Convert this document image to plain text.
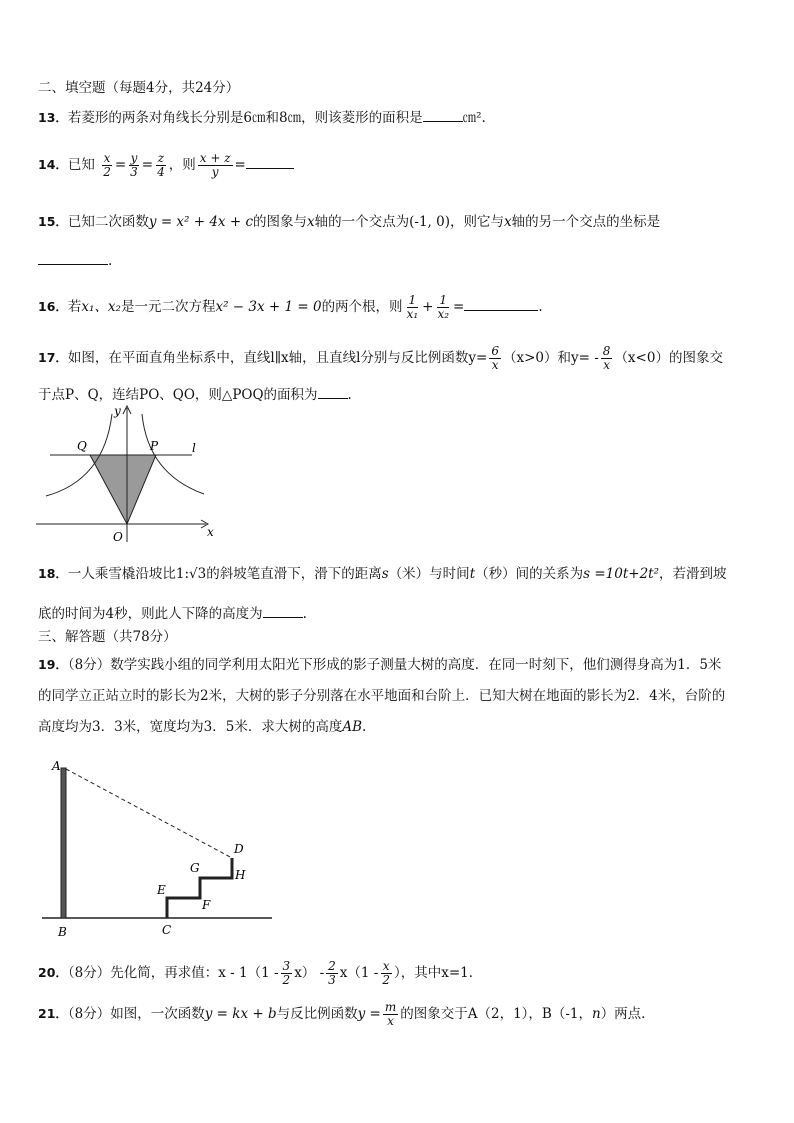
二、填空题（每题4分，共24分）
13．若菱形的两条对角线长分别是6㎝和8㎝，则该菱形的面积是	㎝².
14．已知 $\frac{x}{2} = \frac{y}{3} = \frac{z}{4}$ ，则 $\frac{x + z}{y}$ =
15．已知二次函数y = x² + 4x + c的图象与x轴的一个交点为(-1, 0)，则它与x轴的另一个交点的坐标是
.
16．若x₁、x₂是一元二次方程x² − 3x + 1 = 0的两个根，则 $\frac{1}{\text{x₁}} + \frac{1}{\text{x₂}}$ =	.
17．如图，在平面直角坐标系中，直线l∥x轴，且直线l分别与反比例函数$y= \frac{6}{x} (x>0)$和$y= - \frac{8}{x} (x<0)$的图象交
于点P、Q，连结PO、QO，则△POQ的面积为 .
y
x
O
Q	P	l
18．一人乘雪橇沿坡比1:√3的斜坡笔直滑下，滑下的距离s（米）与时间t（秒）间的关系为s =10t+2t²，若滑到坡
底的时间为4秒，则此人下降的高度为	.
三、解答题（共78分）
19．（8分）数学实践小组的同学利用太阳光下形成的影子测量大树的高度．在同一时刻下，他们测得身高为1．5米
的同学立正站立时的影长为2米，大树的影子分别落在水平地面和台阶上．已知大树在地面的影长为2．4米，台阶的
高度均为3．3米，宽度均为3．5米．求大树的高度AB.
A
B	C
D
E
F
G	H
20．（8分）先化简，再求值：x - $1(1 - \frac{3}{2} x) - \frac{2}{3} x(1 - \frac{x}{2}$ ），其中x=1．
21．（8分）如图，一次函数y = kx + b与反比例函数$y = \frac{m}{x}$ 的图象交于A（2，1），B（-1，n）两点．
